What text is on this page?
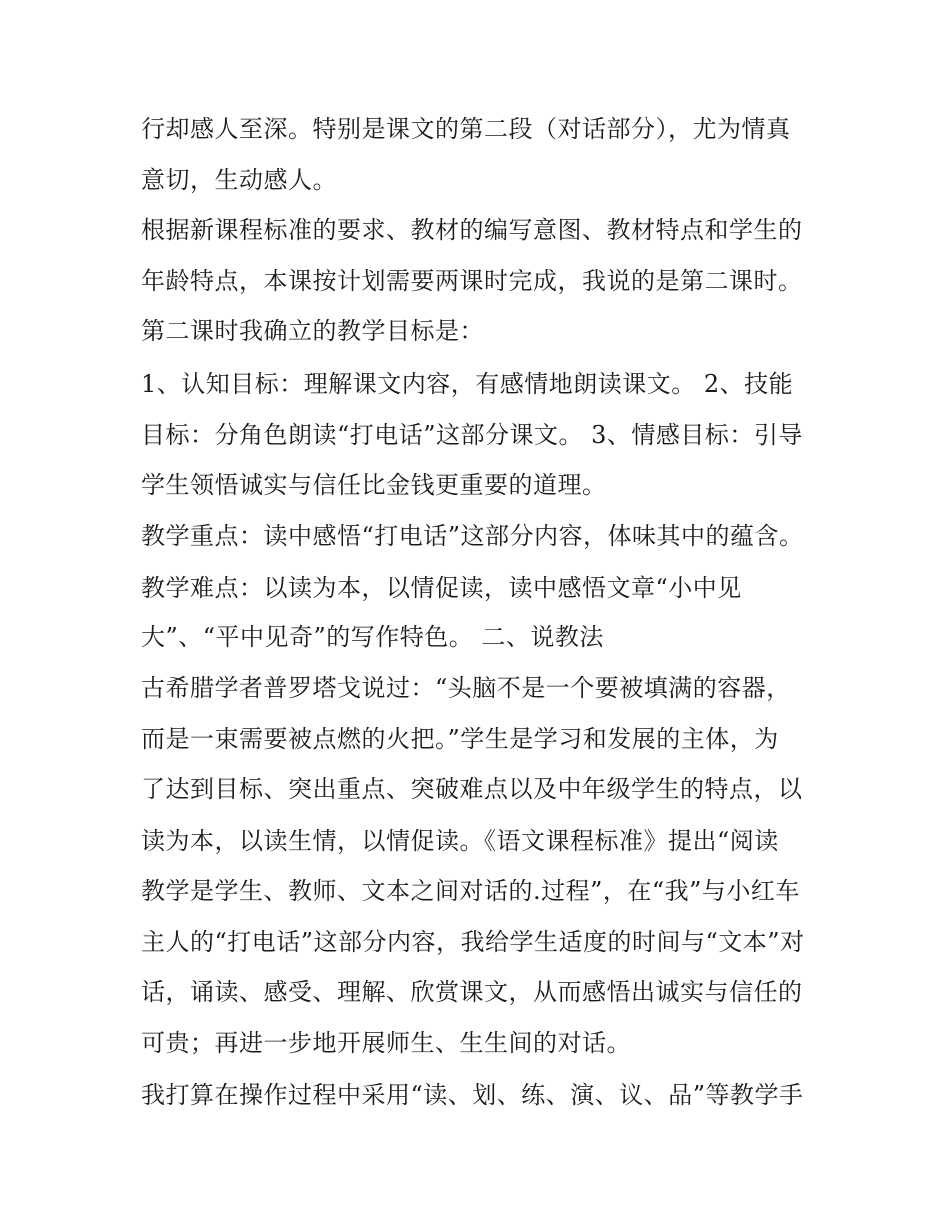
行却感人至深。特别是课文的第二段（对话部分），尤为情真
意切，生动感人。
根据新课程标准的要求、教材的编写意图、教材特点和学生的
年龄特点，本课按计划需要两课时完成，我说的是第二课时。
第二课时我确立的教学目标是：
1、认知目标：理解课文内容，有感情地朗读课文。 2、技能
目标：分角色朗读“打电话”这部分课文。 3、情感目标：引导
学生领悟诚实与信任比金钱更重要的道理。
教学重点：读中感悟“打电话”这部分内容，体味其中的蕴含。
教学难点：以读为本，以情促读，读中感悟文章“小中见
大”、“平中见奇”的写作特色。 二、说教法
古希腊学者普罗塔戈说过：“头脑不是一个要被填满的容器，
而是一束需要被点燃的火把。”学生是学习和发展的主体，为
了达到目标、突出重点、突破难点以及中年级学生的特点，以
读为本，以读生情，以情促读。《语文课程标准》提出“阅读
教学是学生、教师、文本之间对话的.过程”，在“我”与小红车
主人的“打电话”这部分内容，我给学生适度的时间与“文本”对
话，诵读、感受、理解、欣赏课文，从而感悟出诚实与信任的
可贵；再进一步地开展师生、生生间的对话。
我打算在操作过程中采用“读、划、练、演、议、品”等教学手
